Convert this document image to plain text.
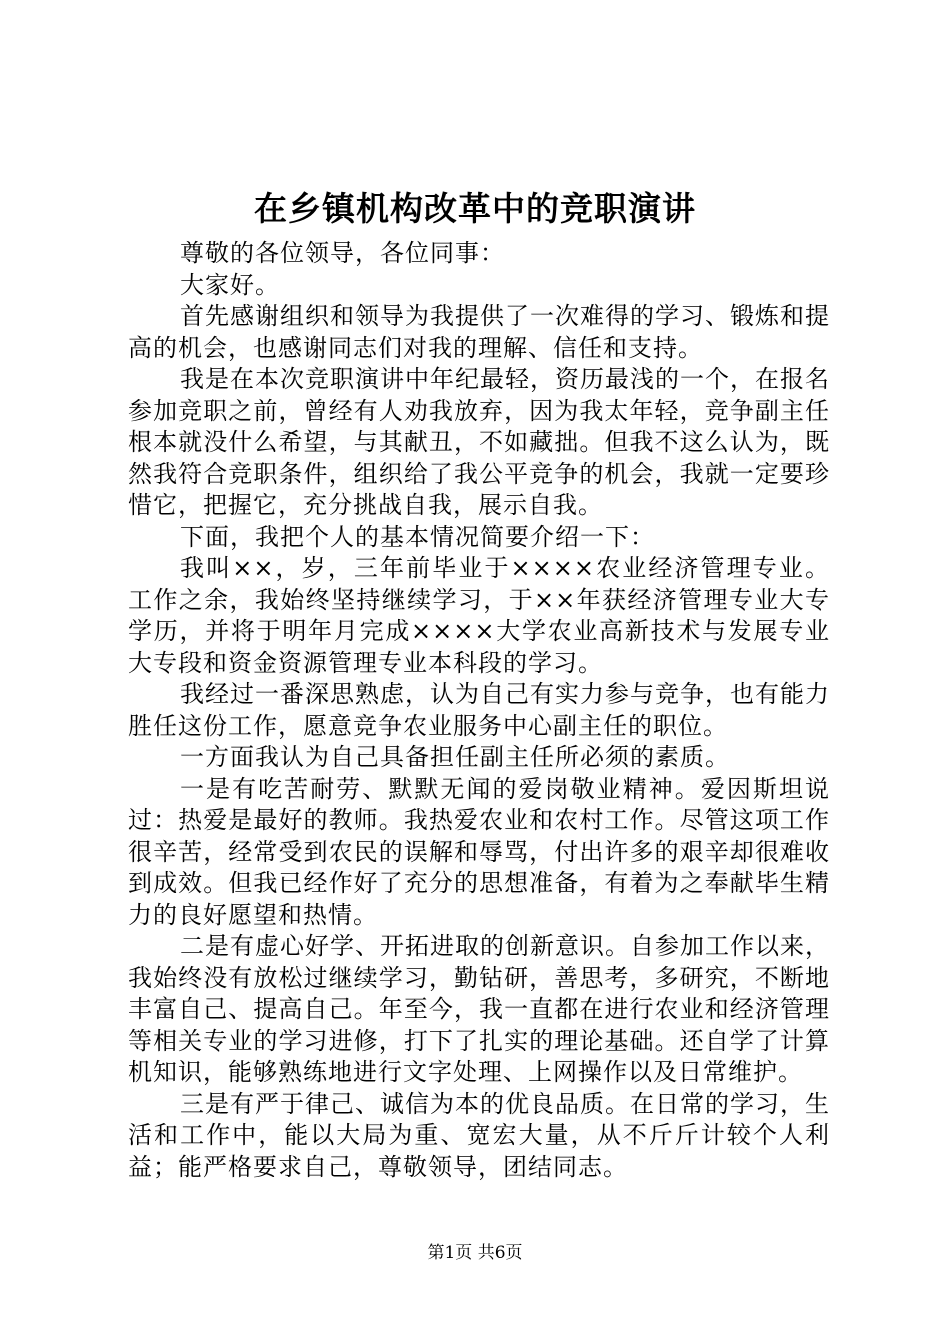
在乡镇机构改革中的竞职演讲

尊敬的各位领导，各位同事：

大家好。

首先感谢组织和领导为我提供了一次难得的学习、锻炼和提高的机会，也感谢同志们对我的理解、信任和支持。

我是在本次竞职演讲中年纪最轻，资历最浅的一个，在报名参加竞职之前，曾经有人劝我放弃，因为我太年轻，竞争副主任根本就没什么希望，与其献丑，不如藏拙。但我不这么认为，既然我符合竞职条件，组织给了我公平竞争的机会，我就一定要珍惜它，把握它，充分挑战自我，展示自我。

下面，我把个人的基本情况简要介绍一下：

我叫××，岁，三年前毕业于××××农业经济管理专业。工作之余，我始终坚持继续学习，于××年获经济管理专业大专学历，并将于明年月完成××××大学农业高新技术与发展专业大专段和资金资源管理专业本科段的学习。

我经过一番深思熟虑，认为自己有实力参与竞争，也有能力胜任这份工作，愿意竞争农业服务中心副主任的职位。

一方面我认为自己具备担任副主任所必须的素质。

一是有吃苦耐劳、默默无闻的爱岗敬业精神。爱因斯坦说过：热爱是最好的教师。我热爱农业和农村工作。尽管这项工作很辛苦，经常受到农民的误解和辱骂，付出许多的艰辛却很难收到成效。但我已经作好了充分的思想准备，有着为之奉献毕生精力的良好愿望和热情。

二是有虚心好学、开拓进取的创新意识。自参加工作以来，我始终没有放松过继续学习，勤钻研，善思考，多研究，不断地丰富自己、提高自己。年至今，我一直都在进行农业和经济管理等相关专业的学习进修，打下了扎实的理论基础。还自学了计算机知识，能够熟练地进行文字处理、上网操作以及日常维护。

三是有严于律己、诚信为本的优良品质。在日常的学习，生活和工作中，能以大局为重、宽宏大量，从不斤斤计较个人利益；能严格要求自己，尊敬领导，团结同志。

第1页 共6页
